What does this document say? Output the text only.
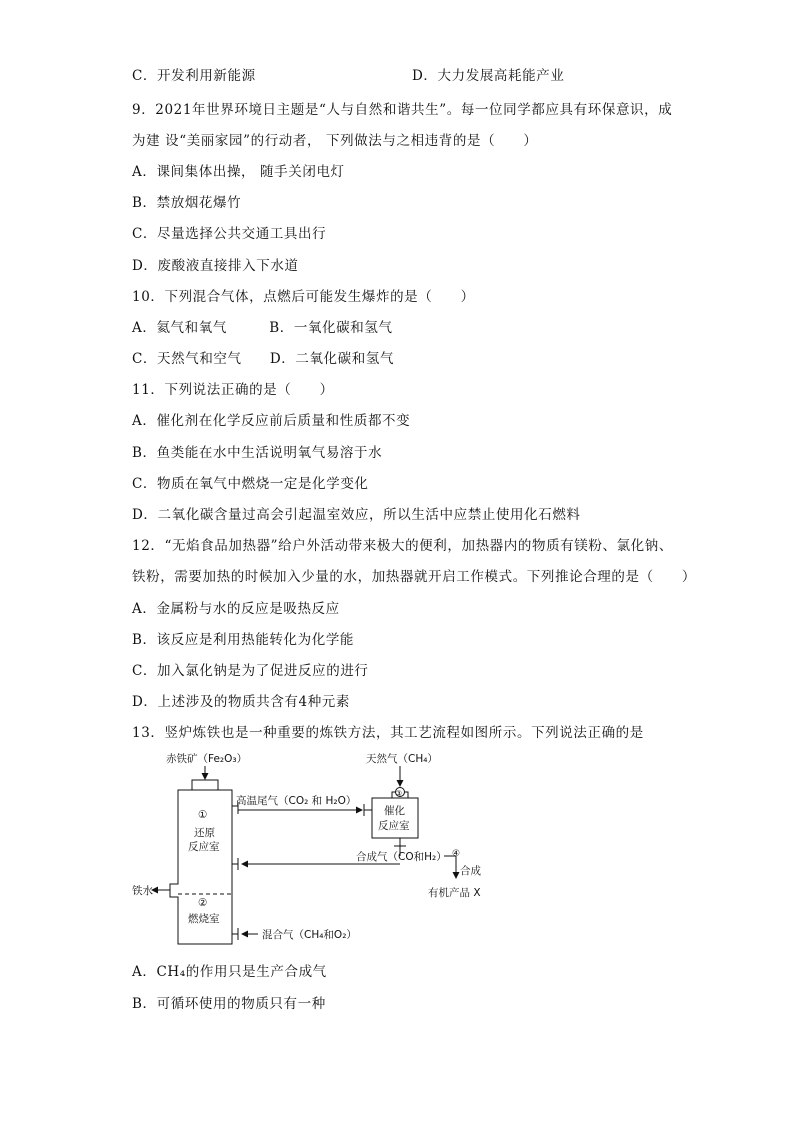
C．开发利用新能源	D．大力发展高耗能产业
9．2021年世界环境日主题是“人与自然和谐共生”。每一位同学都应具有环保意识，成
为建 设“美丽家园”的行动者， 下列做法与之相违背的是（　　）
A．课间集体出操， 随手关闭电灯
B．禁放烟花爆竹
C．尽量选择公共交通工具出行
D．废酸液直接排入下水道
10．下列混合气体，点燃后可能发生爆炸的是（　　）
A．氦气和氧气　　　B．一氧化碳和氢气
C．天然气和空气　　D．二氧化碳和氢气
11．下列说法正确的是（　　）
A．催化剂在化学反应前后质量和性质都不变
B．鱼类能在水中生活说明氧气易溶于水
C．物质在氧气中燃烧一定是化学变化
D．二氧化碳含量过高会引起温室效应，所以生活中应禁止使用化石燃料
12．“无焰食品加热器”给户外活动带来极大的便利，加热器内的物质有镁粉、氯化钠、
铁粉，需要加热的时候加入少量的水，加热器就开启工作模式。下列推论合理的是（　　）
A．金属粉与水的反应是吸热反应
B．该反应是利用热能转化为化学能
C．加入氯化钠是为了促进反应的进行
D．上述涉及的物质共含有4种元素
13．竖炉炼铁也是一种重要的炼铁方法，其工艺流程如图所示。下列说法正确的是
赤铁矿（Fe₂O₃）	天然气（CH₄）
高温尾气（CO₂ 和 H₂O）
③
催化
反应室
①
还原
反应室
合成气（CO和H₂） ④
合成
有机产品 X
铁水
②
燃烧室
混合气（CH₄和O₂）
A．CH₄的作用只是生产合成气
B．可循环使用的物质只有一种
